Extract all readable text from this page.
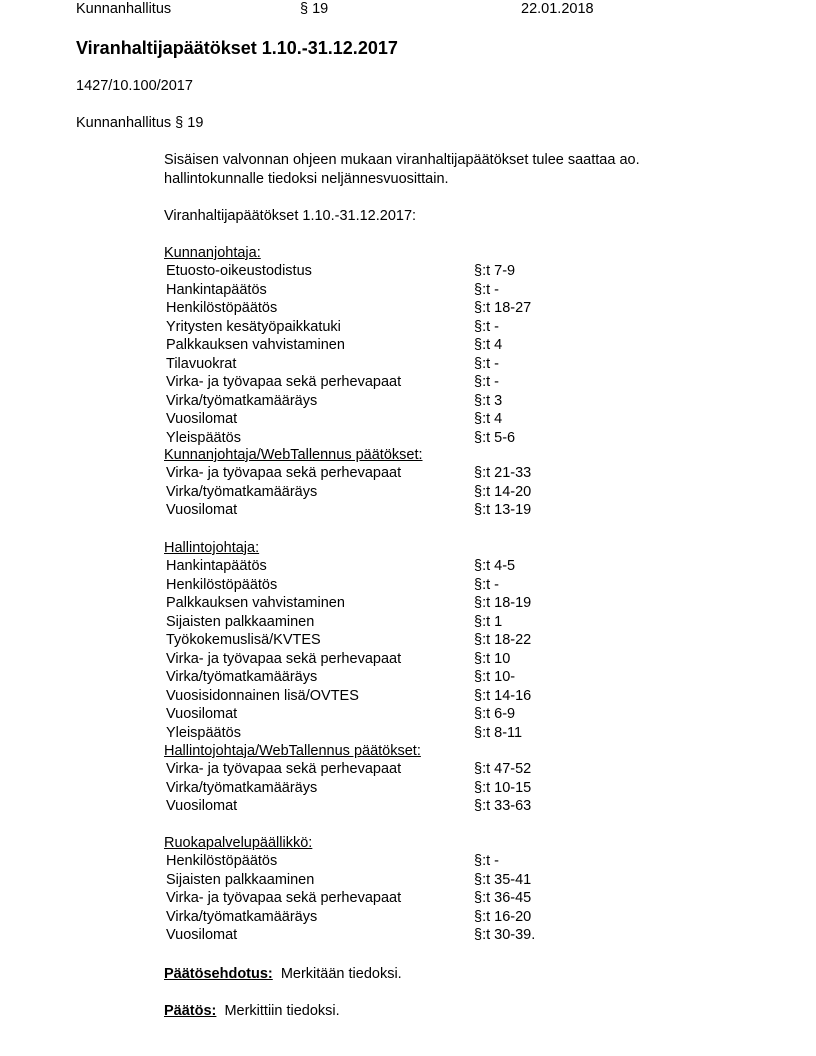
Kunnanhallitus	§ 19	22.01.2018
Viranhaltijapäätökset 1.10.-31.12.2017
1427/10.100/2017
Kunnanhallitus § 19
Sisäisen valvonnan ohjeen mukaan viranhaltijapäätökset tulee saattaa ao.
hallintokunnalle tiedoksi neljännesvuosittain.
Viranhaltijapäätökset 1.10.-31.12.2017:
Kunnanjohtaja:
Etuosto-oikeustodistus	§:t 7-9
Hankintapäätös	§:t -
Henkilöstöpäätös	§:t 18-27
Yritysten kesätyöpaikkatuki	§:t -
Palkkauksen vahvistaminen	§:t 4
Tilavuokrat	§:t -
Virka- ja työvapaa sekä perhevapaat	§:t -
Virka/työmatkamääräys	§:t 3
Vuosilomat	§:t 4
Yleispäätös	§:t 5-6
Kunnanjohtaja/WebTallennus päätökset:
Virka- ja työvapaa sekä perhevapaat	§:t 21-33
Virka/työmatkamääräys	§:t 14-20
Vuosilomat	§:t 13-19
Hallintojohtaja:
Hankintapäätös	§:t 4-5
Henkilöstöpäätös	§:t -
Palkkauksen vahvistaminen	§:t 18-19
Sijaisten palkkaaminen	§:t 1
Työkokemuslisä/KVTES	§:t 18-22
Virka- ja työvapaa sekä perhevapaat	§:t 10
Virka/työmatkamääräys	§:t 10-
Vuosisidonnainen lisä/OVTES	§:t 14-16
Vuosilomat	§:t 6-9
Yleispäätös	§:t 8-11
Hallintojohtaja/WebTallennus päätökset:
Virka- ja työvapaa sekä perhevapaat	§:t 47-52
Virka/työmatkamääräys	§:t 10-15
Vuosilomat	§:t 33-63
Ruokapalvelupäällikkö:
Henkilöstöpäätös	§:t -
Sijaisten palkkaaminen	§:t 35-41
Virka- ja työvapaa sekä perhevapaat	§:t 36-45
Virka/työmatkamääräys	§:t 16-20
Vuosilomat	§:t 30-39.
Päätösehdotus: Merkitään tiedoksi.
Päätös: Merkittiin tiedoksi.
